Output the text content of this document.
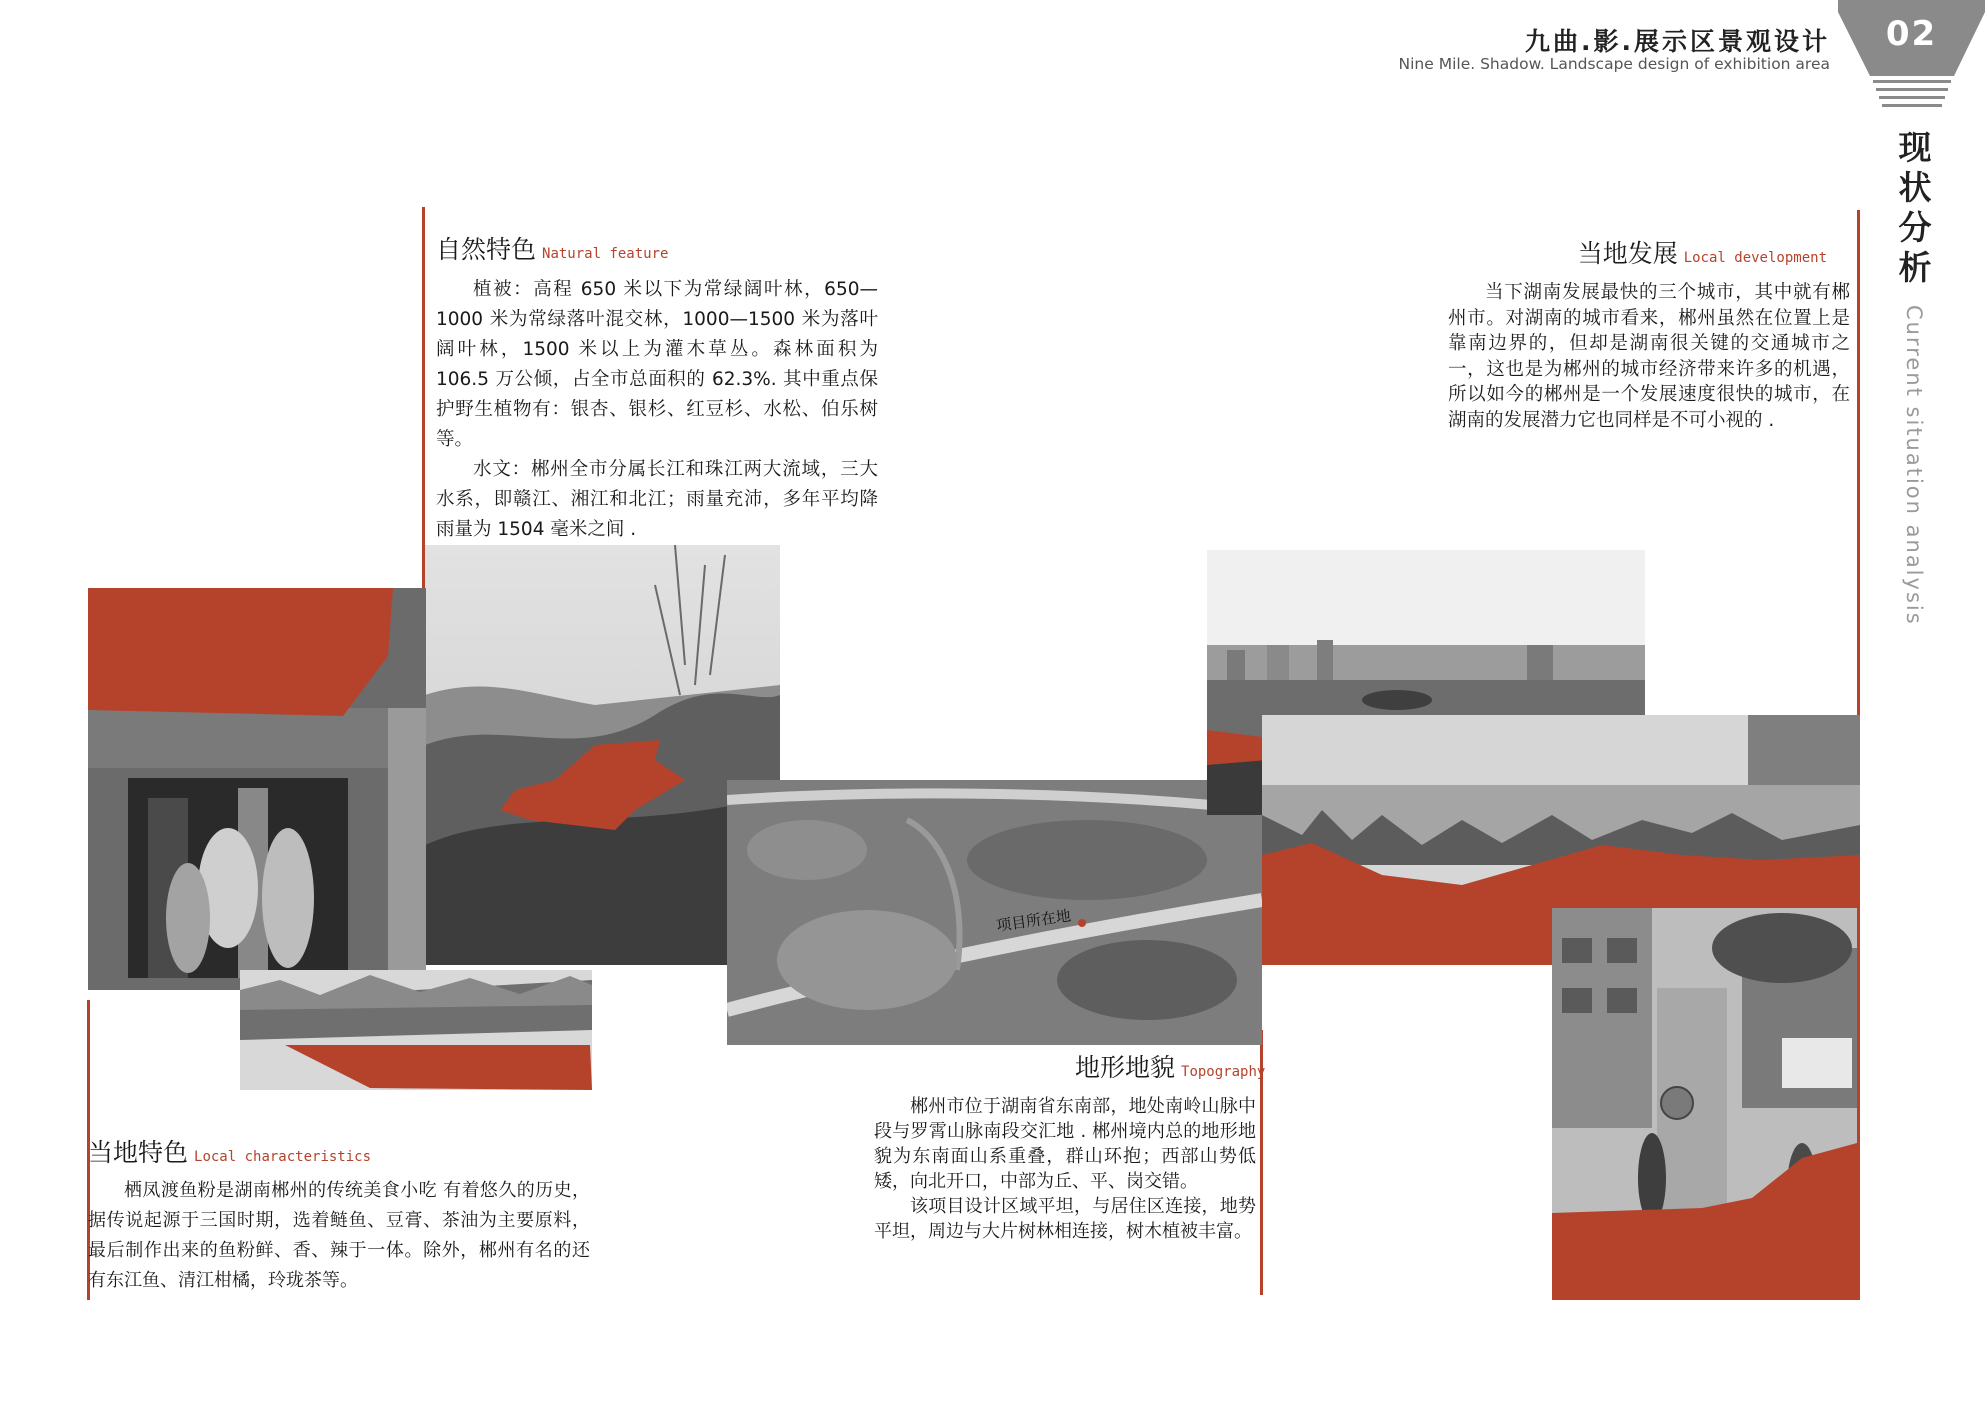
九曲.影.展示区景观设计
Nine Mile. Shadow. Landscape design of exhibition area
02
现状分析
Current situation analysis
自然特色 Natural feature

植被：高程 650 米以下为常绿阔叶林，650—1000 米为常绿落叶混交林，1000—1500 米为落叶阔叶林，1500 米以上为灌木草丛。森林面积为 106.5 万公倾，占全市总面积的 62.3%. 其中重点保护野生植物有：银杏、银杉、红豆杉、水松、伯乐树等。

水文：郴州全市分属长江和珠江两大流域，三大水系，即赣江、湘江和北江；雨量充沛，多年平均降雨量为 1504 毫米之间 .

当地发展 Local development

当下湖南发展最快的三个城市，其中就有郴州市。对湖南的城市看来，郴州虽然在位置上是靠南边界的，但却是湖南很关键的交通城市之一，这也是为郴州的城市经济带来许多的机遇，所以如今的郴州是一个发展速度很快的城市，在湖南的发展潜力它也同样是不可小视的 .

项目所在地
地形地貌 Topography

郴州市位于湖南省东南部，地处南岭山脉中段与罗霄山脉南段交汇地 . 郴州境内总的地形地貌为东南面山系重叠，群山环抱；西部山势低矮，向北开口，中部为丘、平、岗交错。

该项目设计区域平坦，与居住区连接，地势平坦，周边与大片树林相连接，树木植被丰富。

当地特色 Local characteristics

栖凤渡鱼粉是湖南郴州的传统美食小吃 有着悠久的历史，据传说起源于三国时期，选着鲢鱼、豆膏、茶油为主要原料，最后制作出来的鱼粉鲜、香、辣于一体。除外，郴州有名的还有东江鱼、清江柑橘，玲珑茶等。
